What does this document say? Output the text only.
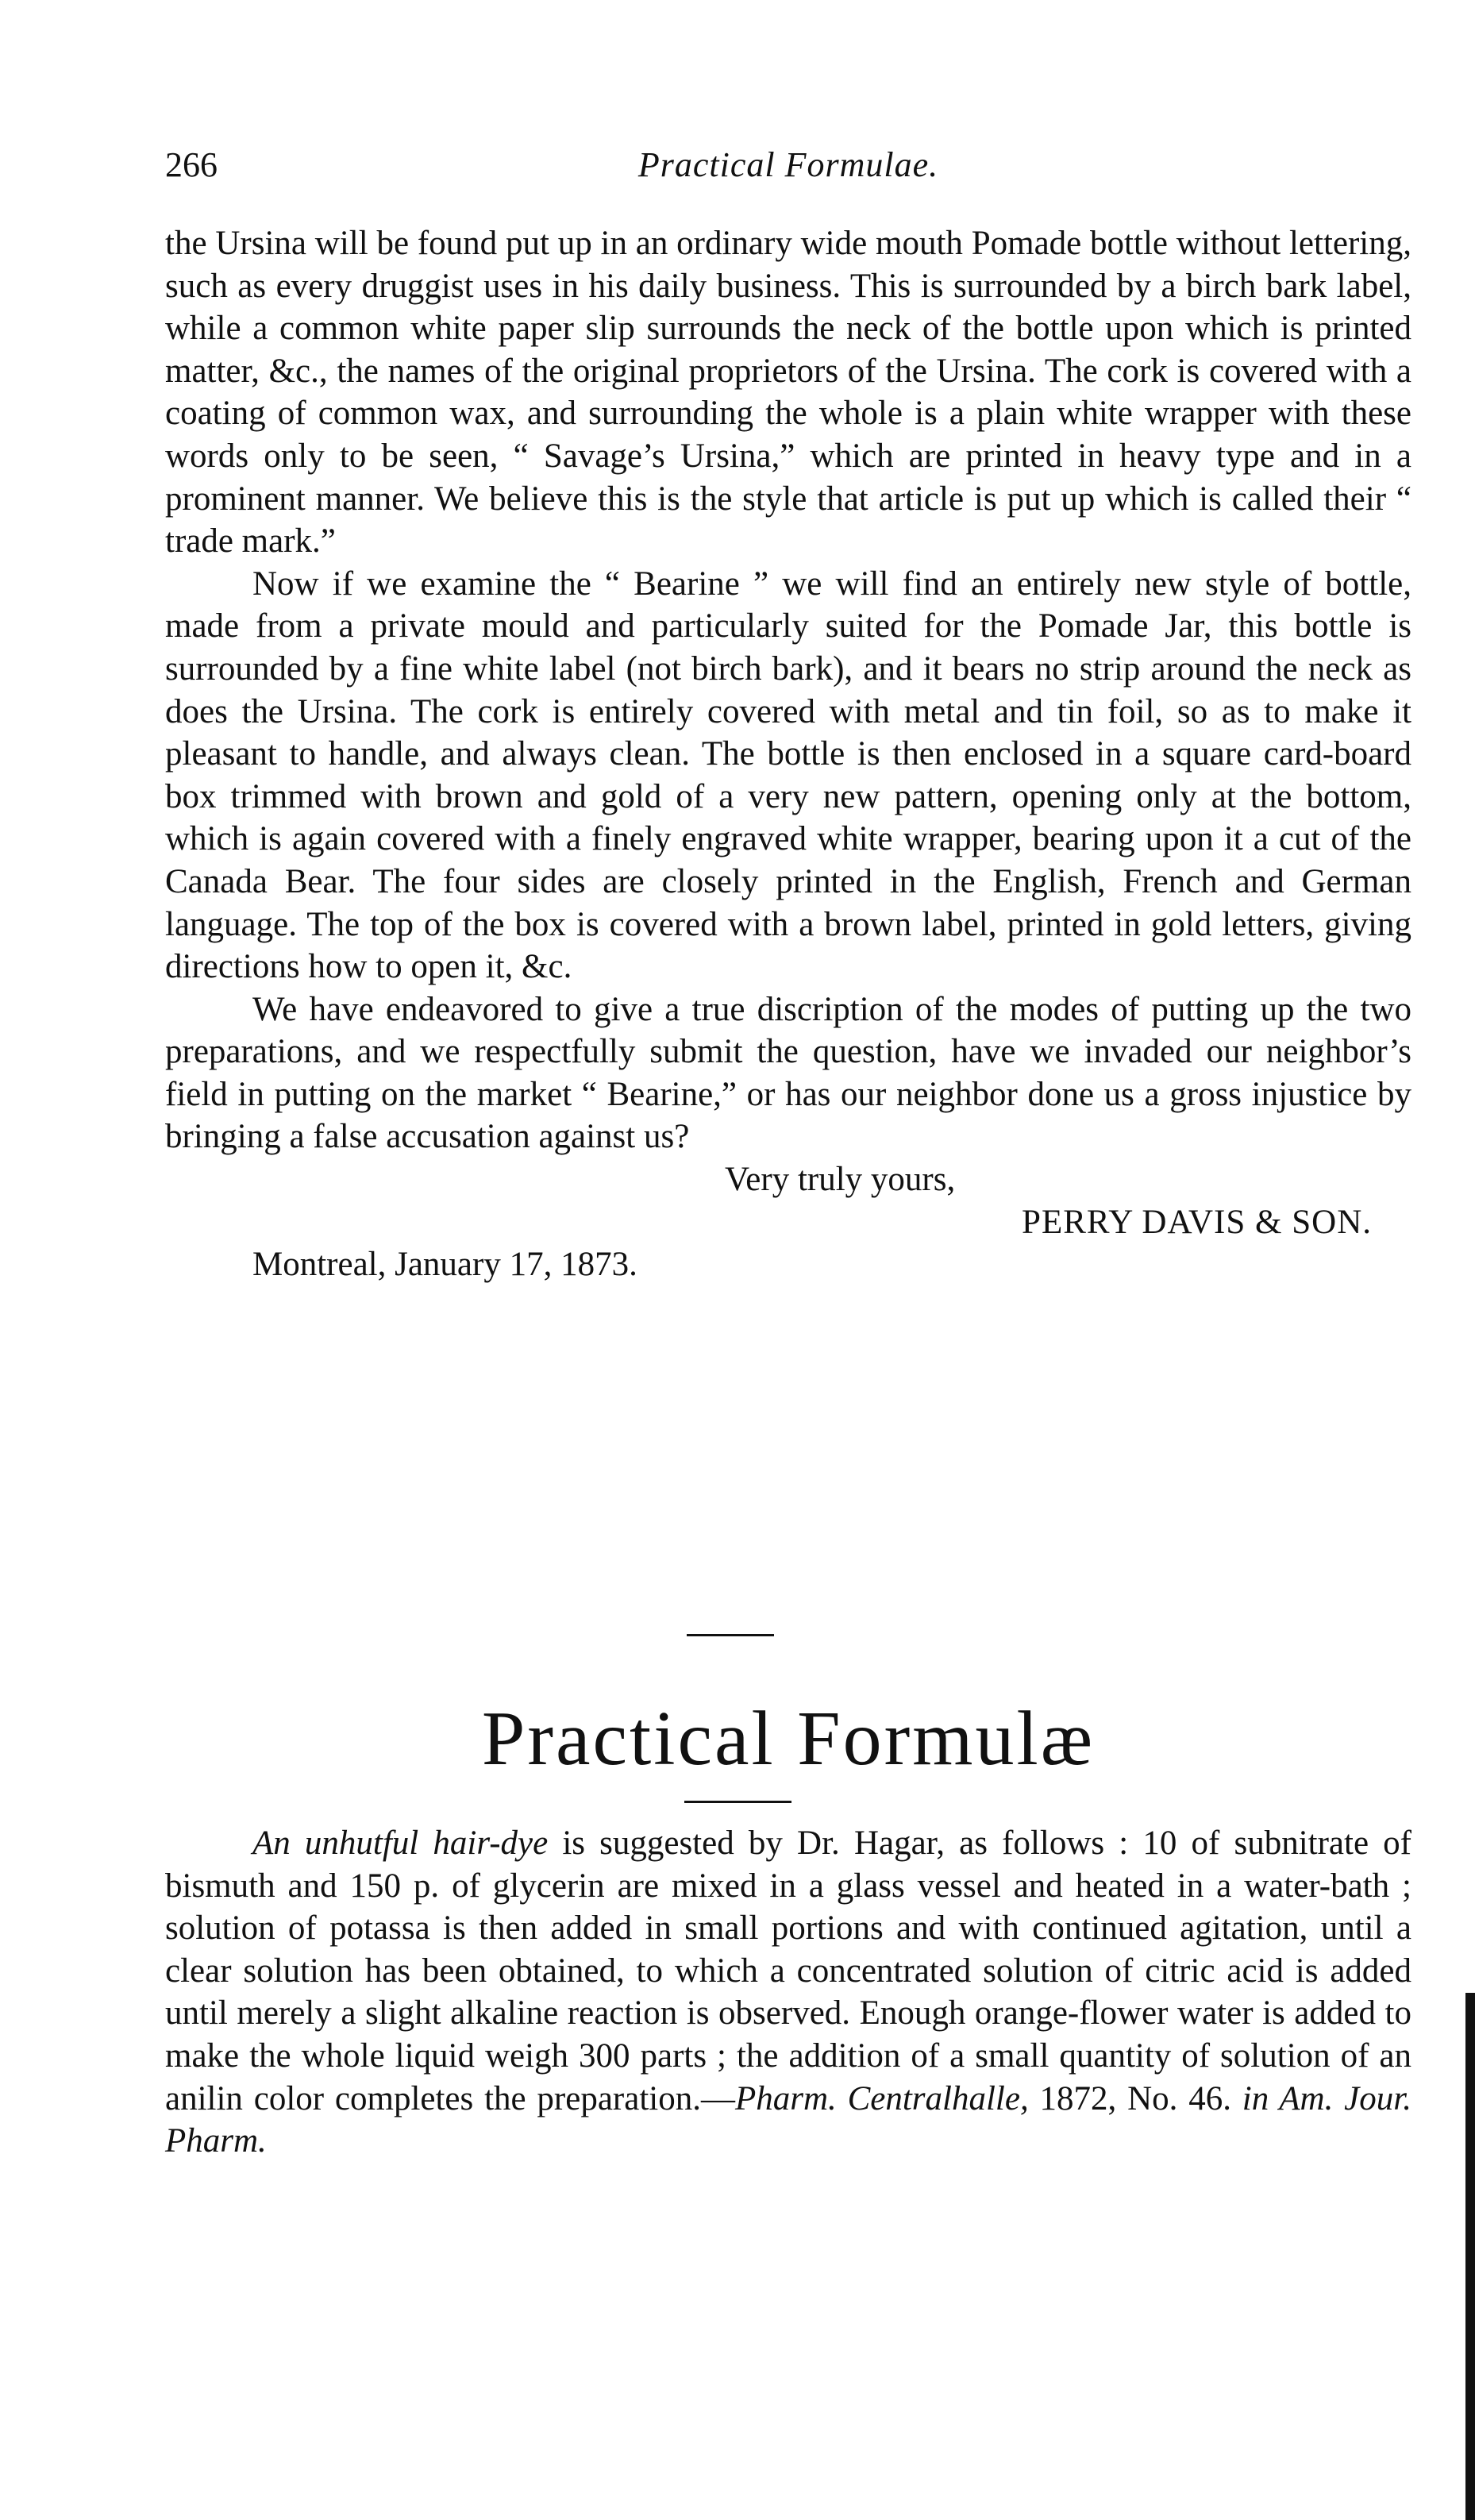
266	Practical Formulae.

the Ursina will be found put up in an ordinary wide mouth Pomade bottle without lettering, such as every druggist uses in his daily business. This is surrounded by a birch bark label, while a common white paper slip surrounds the neck of the bottle upon which is printed matter, &c., the names of the original proprietors of the Ursina. The cork is covered with a coating of common wax, and surrounding the whole is a plain white wrapper with these words only to be seen, “ Savage’s Ursina,” which are printed in heavy type and in a prominent manner. We believe this is the style that article is put up which is called their “ trade mark.”

Now if we examine the “ Bearine ” we will find an entirely new style of bottle, made from a private mould and particularly suited for the Pomade Jar, this bottle is surrounded by a fine white label (not birch bark), and it bears no strip around the neck as does the Ursina. The cork is entirely covered with metal and tin foil, so as to make it pleasant to handle, and always clean. The bottle is then enclosed in a square card-board box trimmed with brown and gold of a very new pattern, opening only at the bottom, which is again covered with a finely engraved white wrapper, bearing upon it a cut of the Canada Bear. The four sides are closely printed in the English, French and German language. The top of the box is covered with a brown label, printed in gold letters, giving directions how to open it, &c.

We have endeavored to give a true discription of the modes of putting up the two preparations, and we respectfully submit the question, have we invaded our neighbor’s field in putting on the market “ Bearine,” or has our neighbor done us a gross injustice by bringing a false accusation against us?

Very truly yours,
PERRY DAVIS & SON.
Montreal, January 17, 1873.
Practical Formulæ

An unhutful hair-dye is suggested by Dr. Hagar, as follows : 10 of subnitrate of bismuth and 150 p. of glycerin are mixed in a glass vessel and heated in a water-bath ; solution of potassa is then added in small portions and with continued agitation, until a clear solution has been obtained, to which a concentrated solution of citric acid is added until merely a slight alkaline reaction is observed. Enough orange-flower water is added to make the whole liquid weigh 300 parts ; the addition of a small quantity of solution of an anilin color completes the preparation.—Pharm. Centralhalle, 1872, No. 46. in Am. Jour. Pharm.
